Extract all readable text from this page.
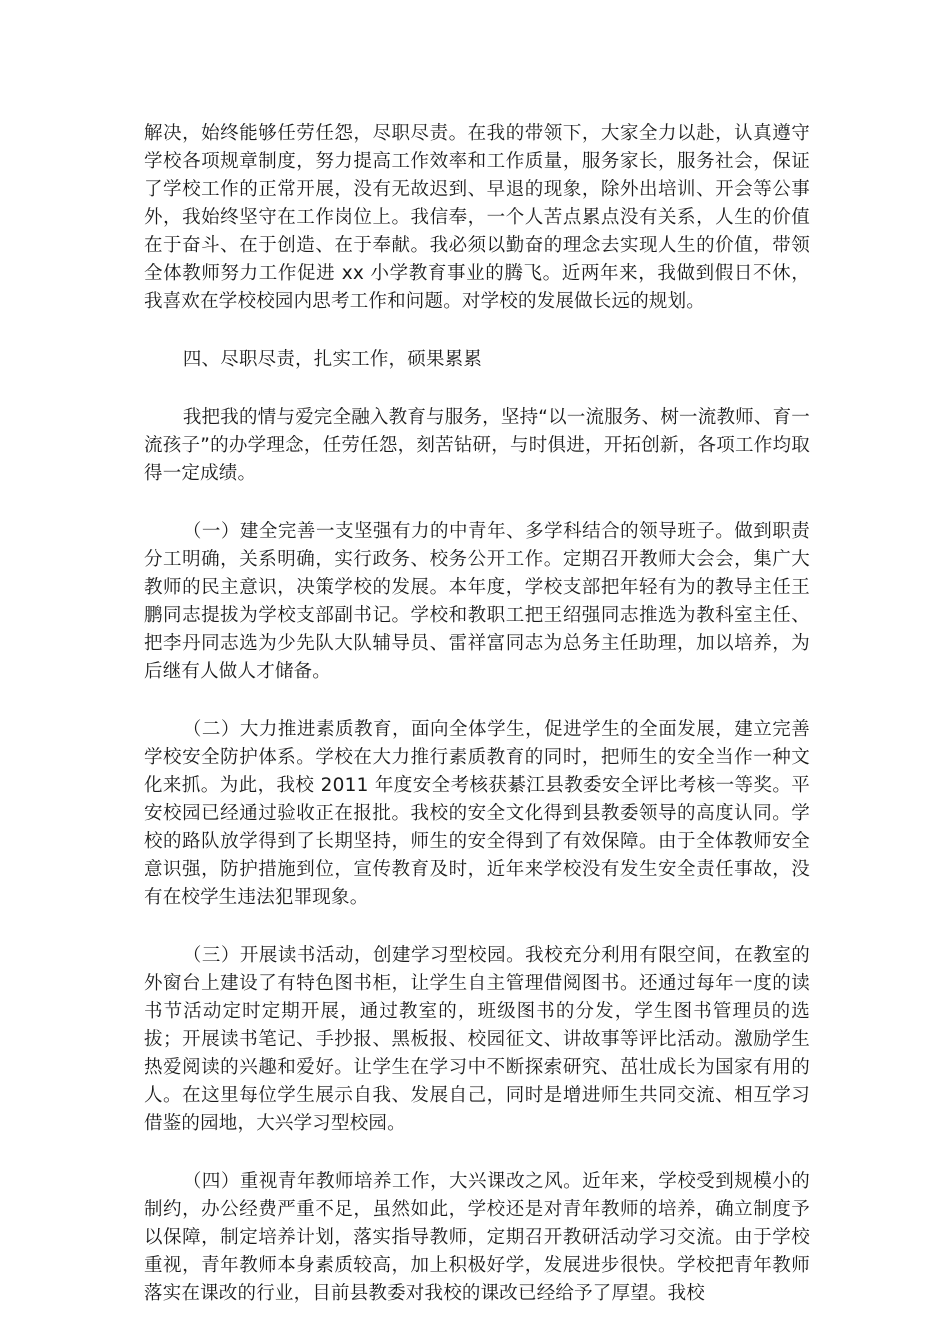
解决，始终能够任劳任怨，尽职尽责。在我的带领下，大家全力以赴，认真遵守学校各项规章制度，努力提高工作效率和工作质量，服务家长，服务社会，保证了学校工作的正常开展，没有无故迟到、早退的现象，除外出培训、开会等公事外，我始终坚守在工作岗位上。我信奉，一个人苦点累点没有关系，人生的价值在于奋斗、在于创造、在于奉献。我必须以勤奋的理念去实现人生的价值，带领全体教师努力工作促进 xx 小学教育事业的腾飞。近两年来，我做到假日不休，我喜欢在学校校园内思考工作和问题。对学校的发展做长远的规划。

四、尽职尽责，扎实工作，硕果累累

我把我的情与爱完全融入教育与服务，坚持“以一流服务、树一流教师、育一流孩子”的办学理念，任劳任怨，刻苦钻研，与时俱进，开拓创新，各项工作均取得一定成绩。

（一）建全完善一支坚强有力的中青年、多学科结合的领导班子。做到职责分工明确，关系明确，实行政务、校务公开工作。定期召开教师大会会，集广大教师的民主意识，决策学校的发展。本年度，学校支部把年轻有为的教导主任王鹏同志提拔为学校支部副书记。学校和教职工把王绍强同志推选为教科室主任、把李丹同志选为少先队大队辅导员、雷祥富同志为总务主任助理，加以培养，为后继有人做人才储备。

（二）大力推进素质教育，面向全体学生，促进学生的全面发展，建立完善学校安全防护体系。学校在大力推行素质教育的同时，把师生的安全当作一种文化来抓。为此，我校 2011 年度安全考核获綦江县教委安全评比考核一等奖。平安校园已经通过验收正在报批。我校的安全文化得到县教委领导的高度认同。学校的路队放学得到了长期坚持，师生的安全得到了有效保障。由于全体教师安全意识强，防护措施到位，宣传教育及时，近年来学校没有发生安全责任事故，没有在校学生违法犯罪现象。

（三）开展读书活动，创建学习型校园。我校充分利用有限空间，在教室的外窗台上建设了有特色图书柜，让学生自主管理借阅图书。还通过每年一度的读书节活动定时定期开展，通过教室的，班级图书的分发，学生图书管理员的选拔；开展读书笔记、手抄报、黑板报、校园征文、讲故事等评比活动。激励学生热爱阅读的兴趣和爱好。让学生在学习中不断探索研究、茁壮成长为国家有用的人。在这里每位学生展示自我、发展自己，同时是增进师生共同交流、相互学习借鉴的园地，大兴学习型校园。

（四）重视青年教师培养工作，大兴课改之风。近年来，学校受到规模小的制约，办公经费严重不足，虽然如此，学校还是对青年教师的培养，确立制度予以保障，制定培养计划，落实指导教师，定期召开教研活动学习交流。由于学校重视，青年教师本身素质较高，加上积极好学，发展进步很快。学校把青年教师落实在课改的行业，目前县教委对我校的课改已经给予了厚望。我校
